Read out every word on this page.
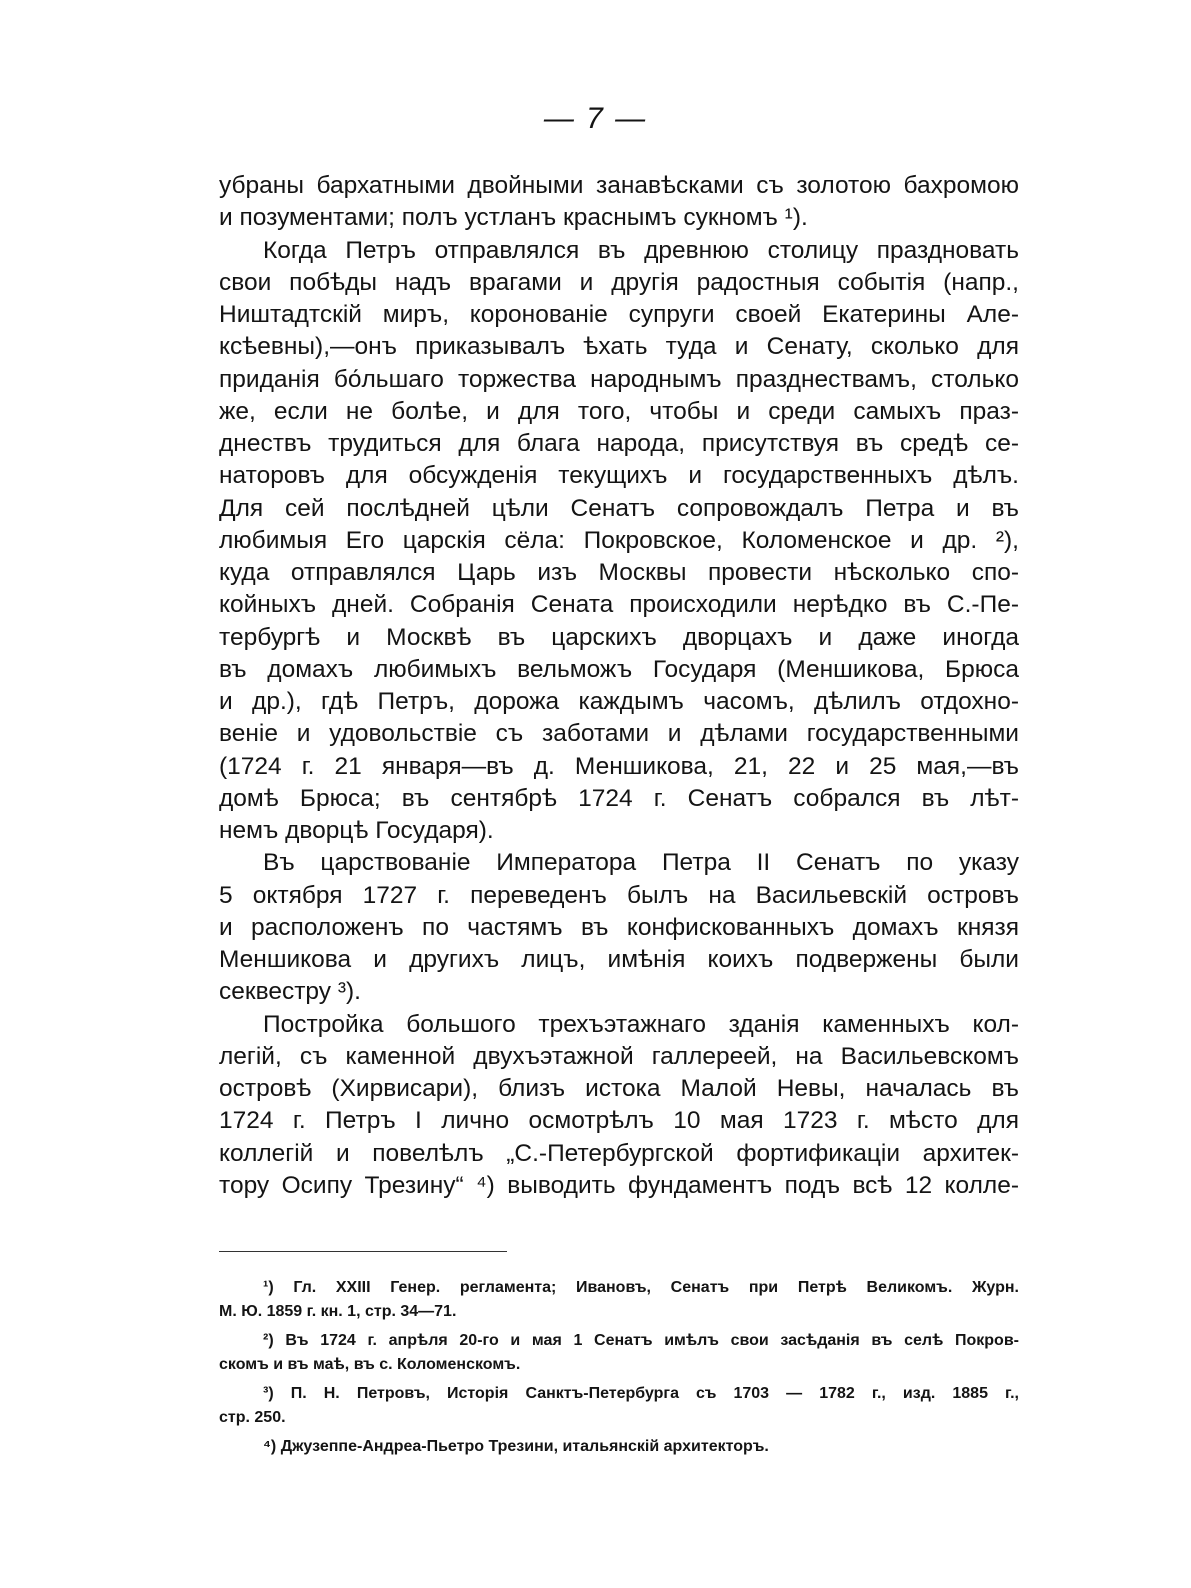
— 7 —
убраны бархатными двойными занавѣсками съ золотою бахромою
и позументами; полъ устланъ краснымъ сукномъ ¹).
Когда Петръ отправлялся въ древнюю столицу праздновать
свои побѣды надъ врагами и другія радостныя событія (напр.,
Ништадтскій миръ, коронованіе супруги своей Екатерины Але-
ксѣевны),—онъ приказывалъ ѣхать туда и Сенату, сколько для
приданія бо́льшаго торжества народнымъ празднествамъ, столько
же, если не болѣе, и для того, чтобы и среди самыхъ праз-
днествъ трудиться для блага народа, присутствуя въ средѣ се-
наторовъ для обсужденія текущихъ и государственныхъ дѣлъ.
Для сей послѣдней цѣли Сенатъ сопровождалъ Петра и въ
любимыя Его царскія сёла: Покровское, Коломенское и др. ²),
куда отправлялся Царь изъ Москвы провести нѣсколько спо-
койныхъ дней. Собранія Сената происходили нерѣдко въ С.-Пе-
тербургѣ и Москвѣ въ царскихъ дворцахъ и даже иногда
въ домахъ любимыхъ вельможъ Государя (Меншикова, Брюса
и др.), гдѣ Петръ, дорожа каждымъ часомъ, дѣлилъ отдохно-
веніе и удовольствіе съ заботами и дѣлами государственными
(1724 г. 21 января—въ д. Меншикова, 21, 22 и 25 мая,—въ
домѣ Брюса; въ сентябрѣ 1724 г. Сенатъ собрался въ лѣт-
немъ дворцѣ Государя).
Въ царствованіе Императора Петра II Сенатъ по указу
5 октября 1727 г. переведенъ былъ на Васильевскій островъ
и расположенъ по частямъ въ конфискованныхъ домахъ князя
Меншикова и другихъ лицъ, имѣнія коихъ подвержены были
секвестру ³).
Постройка большого трехъэтажнаго зданія каменныхъ кол-
легій, съ каменной двухъэтажной галлереей, на Васильевскомъ
островѣ (Хирвисари), близъ истока Малой Невы, началась въ
1724 г. Петръ I лично осмотрѣлъ 10 мая 1723 г. мѣсто для
коллегій и повелѣлъ „С.-Петербургской фортификаціи архитек-
тору Осипу Трезину“ ⁴) выводить фундаментъ подъ всѣ 12 колле-
¹) Гл. XXIII Генер. регламента; Ивановъ, Сенатъ при Петрѣ Великомъ. Журн.
М. Ю. 1859 г. кн. 1, стр. 34—71.
²) Въ 1724 г. апрѣля 20-го и мая 1 Сенатъ имѣлъ свои засѣданія въ селѣ Покров-
скомъ и въ маѣ, въ с. Коломенскомъ.
³) П. Н. Петровъ, Исторія Санктъ-Петербурга съ 1703 — 1782 г., изд. 1885 г.,
стр. 250.
⁴) Джузеппе-Андреа-Пьетро Трезини, итальянскій архитекторъ.
